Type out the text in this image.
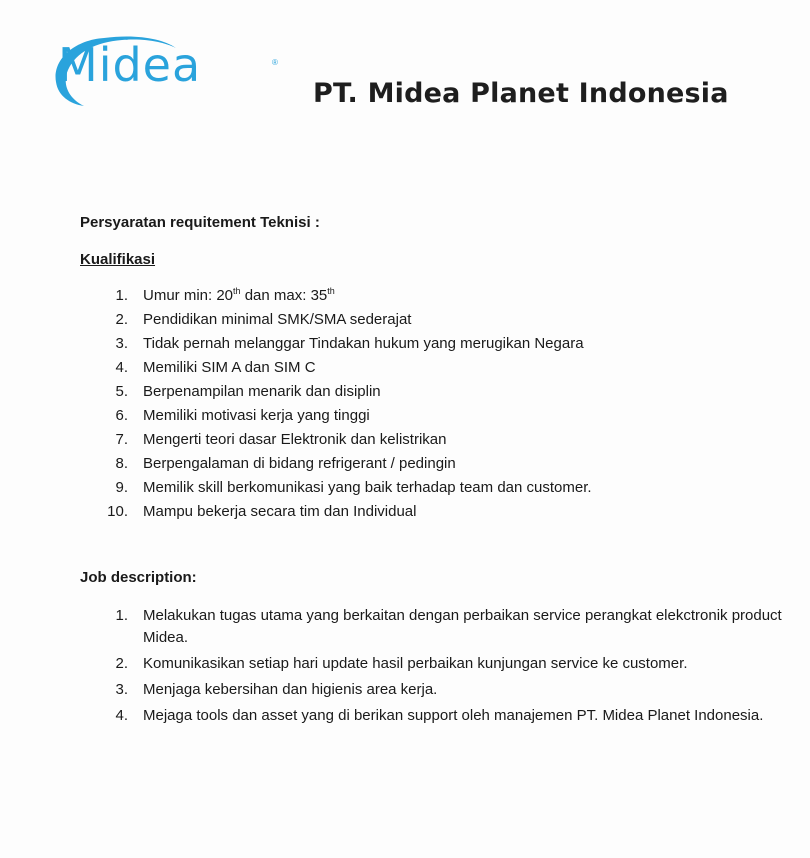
Midea	®
PT. Midea Planet Indonesia
Persyaratan requitement Teknisi :
Kualifikasi
1. Umur min: 20th dan max: 35th
2. Pendidikan minimal SMK/SMA sederajat
3. Tidak pernah melanggar Tindakan hukum yang merugikan Negara
4. Memiliki SIM A dan SIM C
5. Berpenampilan menarik dan disiplin
6. Memiliki motivasi kerja yang tinggi
7. Mengerti teori dasar Elektronik dan kelistrikan
8. Berpengalaman di bidang refrigerant / pedingin
9. Memilik skill berkomunikasi yang baik terhadap team dan customer.
10. Mampu bekerja secara tim dan Individual
Job description:
1. Melakukan tugas utama yang berkaitan dengan perbaikan service perangkat elekctronik product Midea.
2. Komunikasikan setiap hari update hasil perbaikan kunjungan service ke customer.
3. Menjaga kebersihan dan higienis area kerja.
4. Mejaga tools dan asset yang di berikan support oleh manajemen PT. Midea Planet Indonesia.
